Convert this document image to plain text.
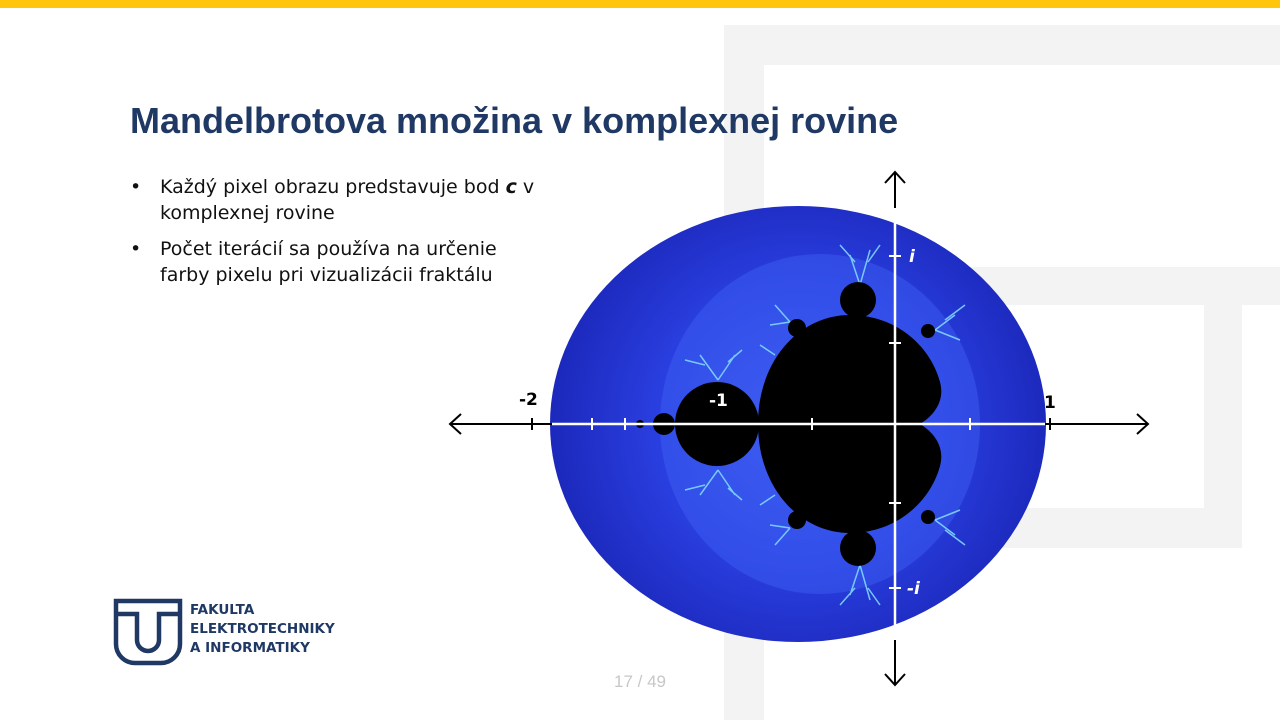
Mandelbrotova množina v komplexnej rovine
• Každý pixel obrazu predstavuje bod c v komplexnej rovine
• Počet iterácií sa používa na určenie farby pixelu pri vizualizácii fraktálu
-2	-1	1
i
-i
FAKULTA
ELEKTROTECHNIKY
A INFORMATIKY
17 / 49
